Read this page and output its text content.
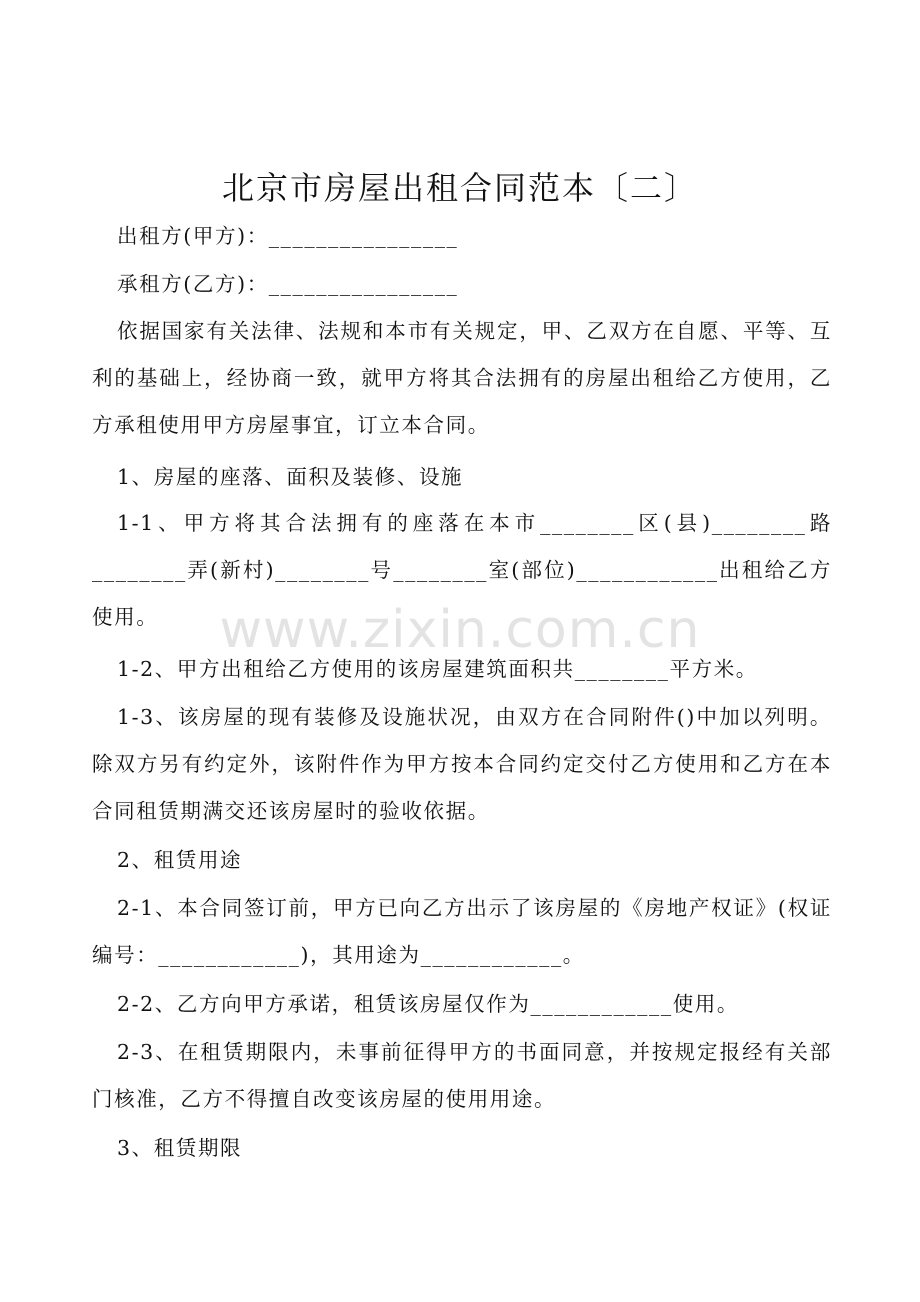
北京市房屋出租合同范本〔二〕
www.zixin.com.cn

出租方(甲方)：________________

承租方(乙方)：________________

依据国家有关法律、法规和本市有关规定，甲、乙双方在自愿、平等、互利的基础上，经协商一致，就甲方将其合法拥有的房屋出租给乙方使用，乙方承租使用甲方房屋事宜，订立本合同。

1、房屋的座落、面积及装修、设施

1-1、甲方将其合法拥有的座落在本市________区(县)________路________弄(新村)________号________室(部位)____________出租给乙方使用。

1-2、甲方出租给乙方使用的该房屋建筑面积共________平方米。

1-3、该房屋的现有装修及设施状况，由双方在合同附件()中加以列明。除双方另有约定外，该附件作为甲方按本合同约定交付乙方使用和乙方在本合同租赁期满交还该房屋时的验收依据。

2、租赁用途

2-1、本合同签订前，甲方已向乙方出示了该房屋的《房地产权证》(权证编号：____________)，其用途为____________。

2-2、乙方向甲方承诺，租赁该房屋仅作为____________使用。

2-3、在租赁期限内，未事前征得甲方的书面同意，并按规定报经有关部门核准，乙方不得擅自改变该房屋的使用用途。

3、租赁期限
